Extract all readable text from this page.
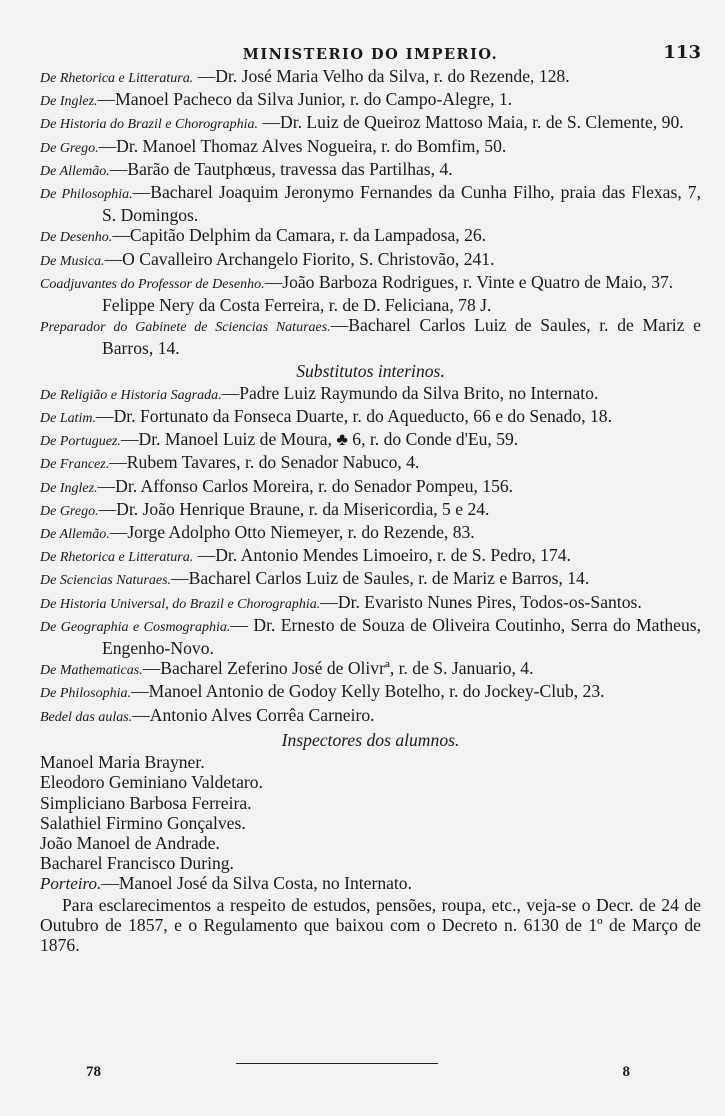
MINISTERIO DO IMPERIO.	113

De Rhetorica e Litteratura. —Dr. José Maria Velho da Silva, r. do Rezende, 128.

De Inglez.—Manoel Pacheco da Silva Junior, r. do Campo-Alegre, 1.

De Historia do Brazil e Chorographia. —Dr. Luiz de Queiroz Mattoso Maia, r. de S. Clemente, 90.

De Grego.—Dr. Manoel Thomaz Alves Nogueira, r. do Bomfim, 50.

De Allemão.—Barão de Tautphœus, travessa das Partilhas, 4.

De Philosophia.—Bacharel Joaquim Jeronymo Fernandes da Cunha Filho, praia das Flexas, 7, S. Domingos.

De Desenho.—Capitão Delphim da Camara, r. da Lampadosa, 26.

De Musica.—O Cavalleiro Archangelo Fiorito, S. Christovão, 241.

Coadjuvantes do Professor de Desenho.—João Barboza Rodrigues, r. Vinte e Quatro de Maio, 37.

Felippe Nery da Costa Ferreira, r. de D. Feliciana, 78 J.

Preparador do Gabinete de Sciencias Naturaes.—Bacharel Carlos Luiz de Saules, r. de Mariz e Barros, 14.

Substitutos interinos.

De Religião e Historia Sagrada.—Padre Luiz Raymundo da Silva Brito, no Internato.

De Latim.—Dr. Fortunato da Fonseca Duarte, r. do Aqueducto, 66 e do Senado, 18.

De Portuguez.—Dr. Manoel Luiz de Moura, ♣ 6, r. do Conde d'Eu, 59.

De Francez.—Rubem Tavares, r. do Senador Nabuco, 4.

De Inglez.—Dr. Affonso Carlos Moreira, r. do Senador Pompeu, 156.

De Grego.—Dr. João Henrique Braune, r. da Misericordia, 5 e 24.

De Allemão.—Jorge Adolpho Otto Niemeyer, r. do Rezende, 83.

De Rhetorica e Litteratura. —Dr. Antonio Mendes Limoeiro, r. de S. Pedro, 174.

De Sciencias Naturaes.—Bacharel Carlos Luiz de Saules, r. de Mariz e Barros, 14.

De Historia Universal, do Brazil e Chorographia.—Dr. Evaristo Nunes Pires, Todos-os-Santos.

De Geographia e Cosmographia.— Dr. Ernesto de Souza de Oliveira Coutinho, Serra do Matheus, Engenho-Novo.

De Mathematicas.—Bacharel Zeferino José de Olivrª, r. de S. Januario, 4.

De Philosophia.—Manoel Antonio de Godoy Kelly Botelho, r. do Jockey-Club, 23.

Bedel das aulas.—Antonio Alves Corrêa Carneiro.

Inspectores dos alumnos.

Manoel Maria Brayner.

Eleodoro Geminiano Valdetaro.

Simpliciano Barbosa Ferreira.

Salathiel Firmino Gonçalves.

João Manoel de Andrade.

Bacharel Francisco During.

Porteiro.—Manoel José da Silva Costa, no Internato.

Para esclarecimentos a respeito de estudos, pensões, roupa, etc., veja-se o Decr. de 24 de Outubro de 1857, e o Regulamento que baixou com o Decreto n. 6130 de 1º de Março de 1876.

78	8
